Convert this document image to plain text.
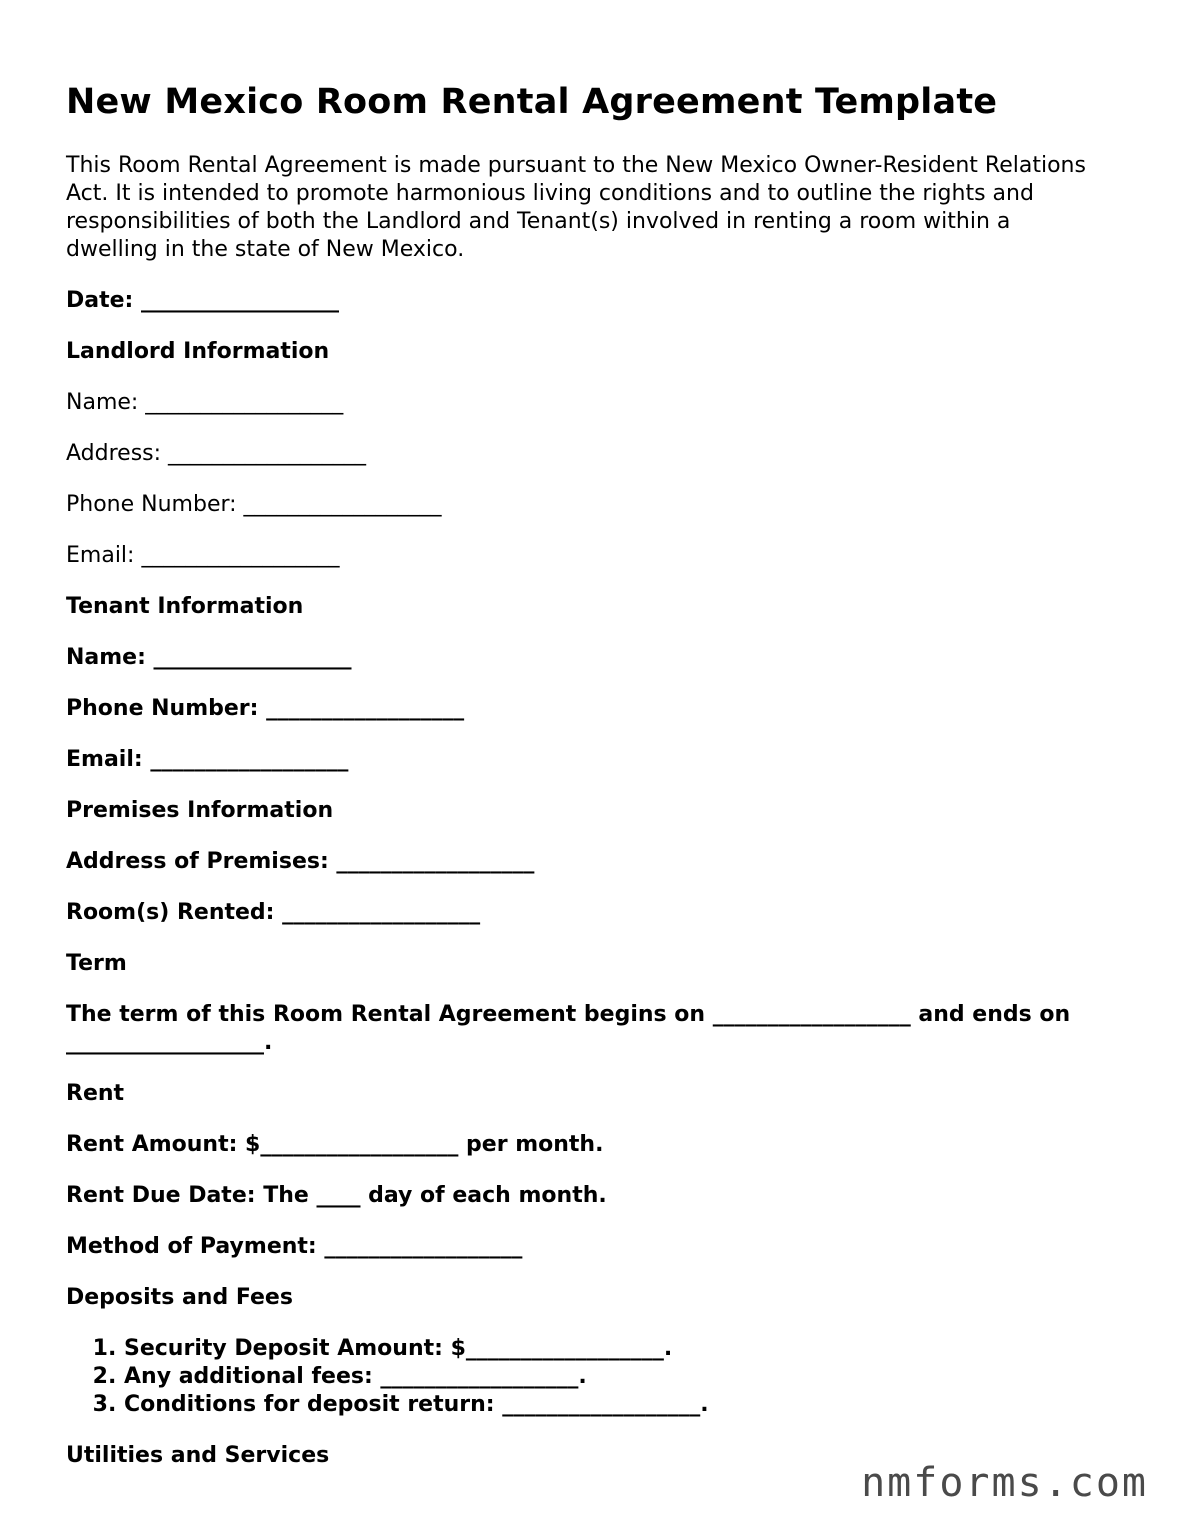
New Mexico Room Rental Agreement Template

This Room Rental Agreement is made pursuant to the New Mexico Owner-Resident Relations Act. It is intended to promote harmonious living conditions and to outline the rights and responsibilities of both the Landlord and Tenant(s) involved in renting a room within a dwelling in the state of New Mexico.

Date: __________________
Landlord Information
Name: __________________
Address: __________________
Phone Number: __________________
Email: __________________
Tenant Information
Name: __________________
Phone Number: __________________
Email: __________________
Premises Information
Address of Premises: __________________
Room(s) Rented: __________________
Term
The term of this Room Rental Agreement begins on __________________ and ends on __________________.
Rent
Rent Amount: $__________________ per month.
Rent Due Date: The ____ day of each month.
Method of Payment: __________________
Deposits and Fees
1. Security Deposit Amount: $__________________.
2. Any additional fees: __________________.
3. Conditions for deposit return: __________________.
Utilities and Services
nmforms.com
